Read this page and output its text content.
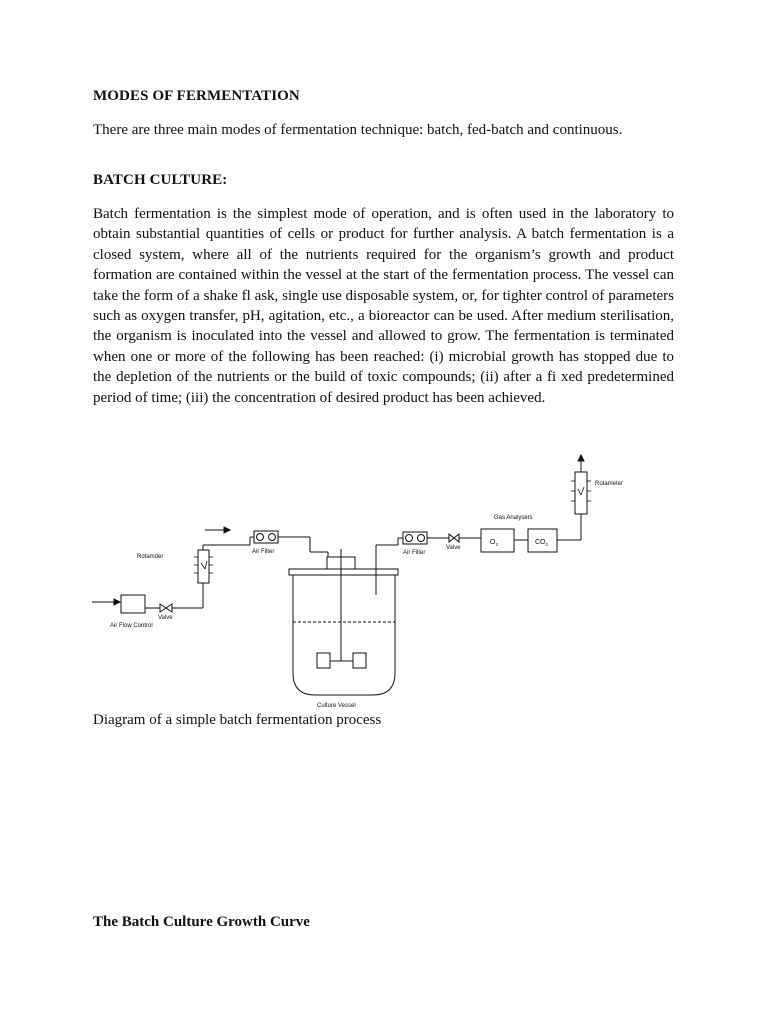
MODES OF FERMENTATION

There are three main modes of fermentation technique: batch, fed-batch and continuous.

BATCH CULTURE:

Batch fermentation is the simplest mode of operation, and is often used in the laboratory to obtain substantial quantities of cells or product for further analysis. A batch fermentation is a closed system, where all of the nutrients required for the organism’s growth and product formation are contained within the vessel at the start of the fermentation process. The vessel can take the form of a shake fl ask, single use disposable system, or, for tighter control of parameters such as oxygen transfer, pH, agitation, etc., a bioreactor can be used. After medium sterilisation, the organism is inoculated into the vessel and allowed to grow. The fermentation is terminated when one or more of the following has been reached: (i) microbial growth has stopped due to the depletion of the nutrients or the build of toxic compounds; (ii) after a fi xed predetermined period of time; (iii) the concentration of desired product has been achieved.

Air Flow Control
Valve
Rotamder
Air Filter	Air Filter
Valve
Gas Analysers
$O_2$	$CO_2$
Rotameter
Culture Vessel
Diagram of a simple batch fermentation process
The Batch Culture Growth Curve
